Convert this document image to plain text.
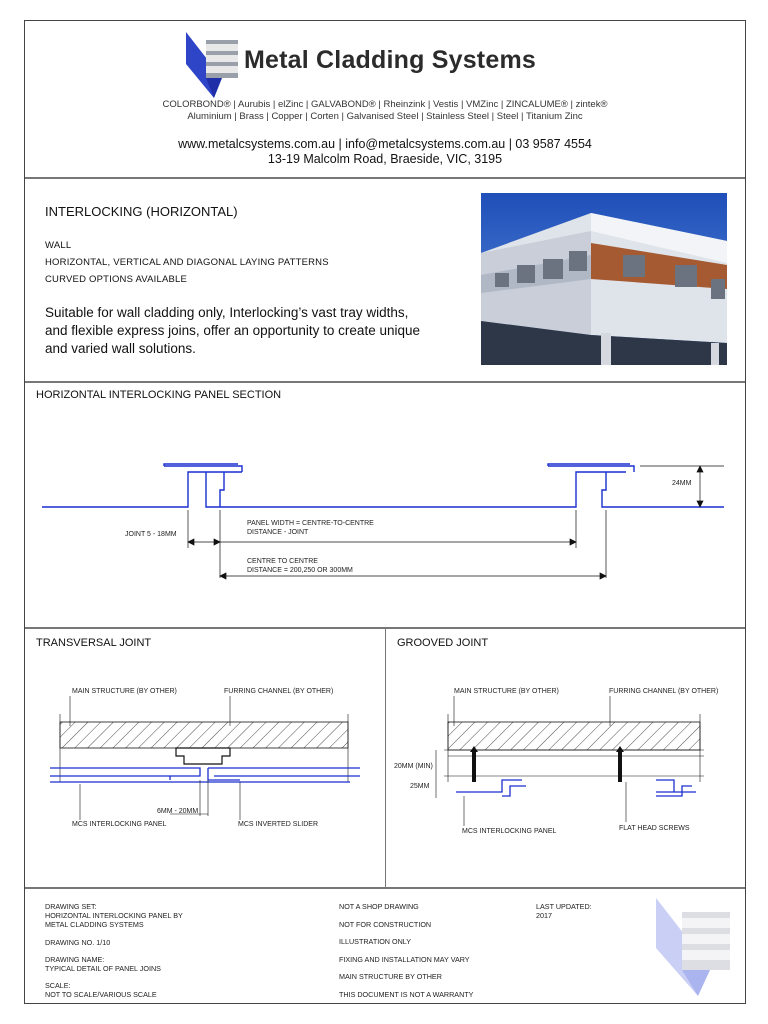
Metal Cladding Systems
COLORBOND® | Aurubis | elZinc | GALVABOND® | Rheinzink | Vestis | VMZinc | ZINCALUME® | zintek®
Aluminium | Brass | Copper | Corten | Galvanised Steel | Stainless Steel | Steel | Titanium Zinc
www.metalcsystems.com.au | info@metalcsystems.com.au | 03 9587 4554
13-19 Malcolm Road, Braeside, VIC, 3195
INTERLOCKING (HORIZONTAL)
WALL
HORIZONTAL, VERTICAL AND DIAGONAL LAYING PATTERNS
CURVED OPTIONS AVAILABLE
Suitable for wall cladding only, Interlocking’s vast tray widths,
and flexible express joins, offer an opportunity to create unique
and varied wall solutions.
HORIZONTAL INTERLOCKING PANEL SECTION
24MM
JOINT 5 - 18MM
PANEL WIDTH = CENTRE-TO-CENTRE
DISTANCE - JOINT
CENTRE TO CENTRE
DISTANCE = 200,250 OR 300MM
TRANSVERSAL JOINT
MAIN STRUCTURE (BY OTHER)	FURRING CHANNEL (BY OTHER)
6MM - 20MM
MCS INTERLOCKING PANEL	MCS INVERTED SLIDER
GROOVED JOINT
MAIN STRUCTURE (BY OTHER)	FURRING CHANNEL (BY OTHER)
20MM (MIN)
25MM
MCS INTERLOCKING PANEL	FLAT HEAD SCREWS
DRAWING SET:
HORIZONTAL INTERLOCKING PANEL BY
METAL CLADDING SYSTEMS
DRAWING NO. 1/10
DRAWING NAME:
TYPICAL DETAIL OF PANEL JOINS
SCALE:
NOT TO SCALE/VARIOUS SCALE
NOT A SHOP DRAWING
NOT FOR CONSTRUCTION
ILLUSTRATION ONLY
FIXING AND INSTALLATION MAY VARY
MAIN STRUCTURE BY OTHER
THIS DOCUMENT IS NOT A WARRANTY
LAST UPDATED:
2017
